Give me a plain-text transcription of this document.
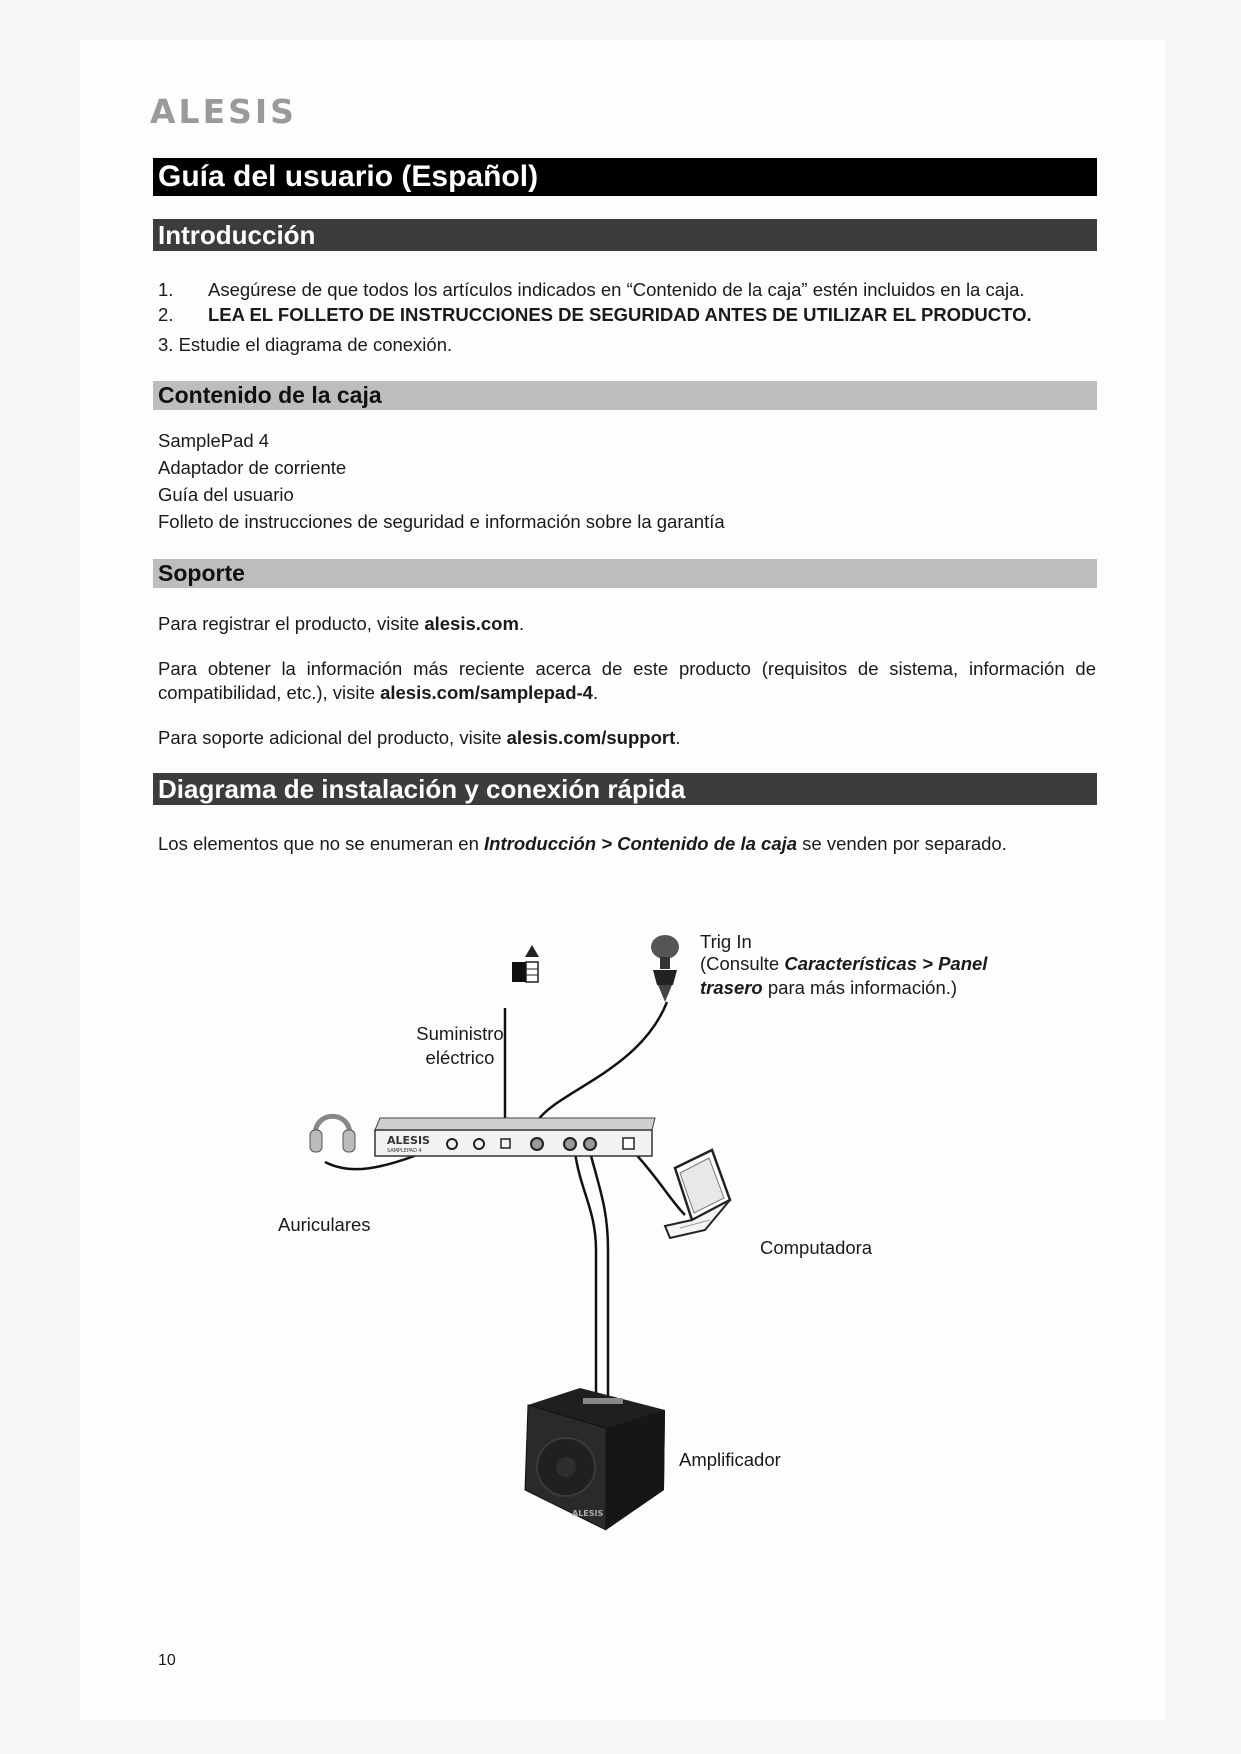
ALESIS
Guía del usuario (Español)
Introducción
1. Asegúrese de que todos los artículos indicados en “Contenido de la caja” estén incluidos en la caja.
2. LEA EL FOLLETO DE INSTRUCCIONES DE SEGURIDAD ANTES DE UTILIZAR EL PRODUCTO.
3. Estudie el diagrama de conexión.
Contenido de la caja
SamplePad 4
Adaptador de corriente
Guía del usuario
Folleto de instrucciones de seguridad e información sobre la garantía
Soporte
Para registrar el producto, visite alesis.com.
Para obtener la información más reciente acerca de este producto (requisitos de sistema, información de compatibilidad, etc.), visite alesis.com/samplepad-4.
Para soporte adicional del producto, visite alesis.com/support.
Diagrama de instalación y conexión rápida
Los elementos que no se enumeran en Introducción > Contenido de la caja se venden por separado.
ALESIS
SAMPLEPAD 4
ALESIS
Trig In
(Consulte Características > Panel
trasero para más información.)
Suministro
eléctrico
Auriculares
Computadora
Amplificador
10
